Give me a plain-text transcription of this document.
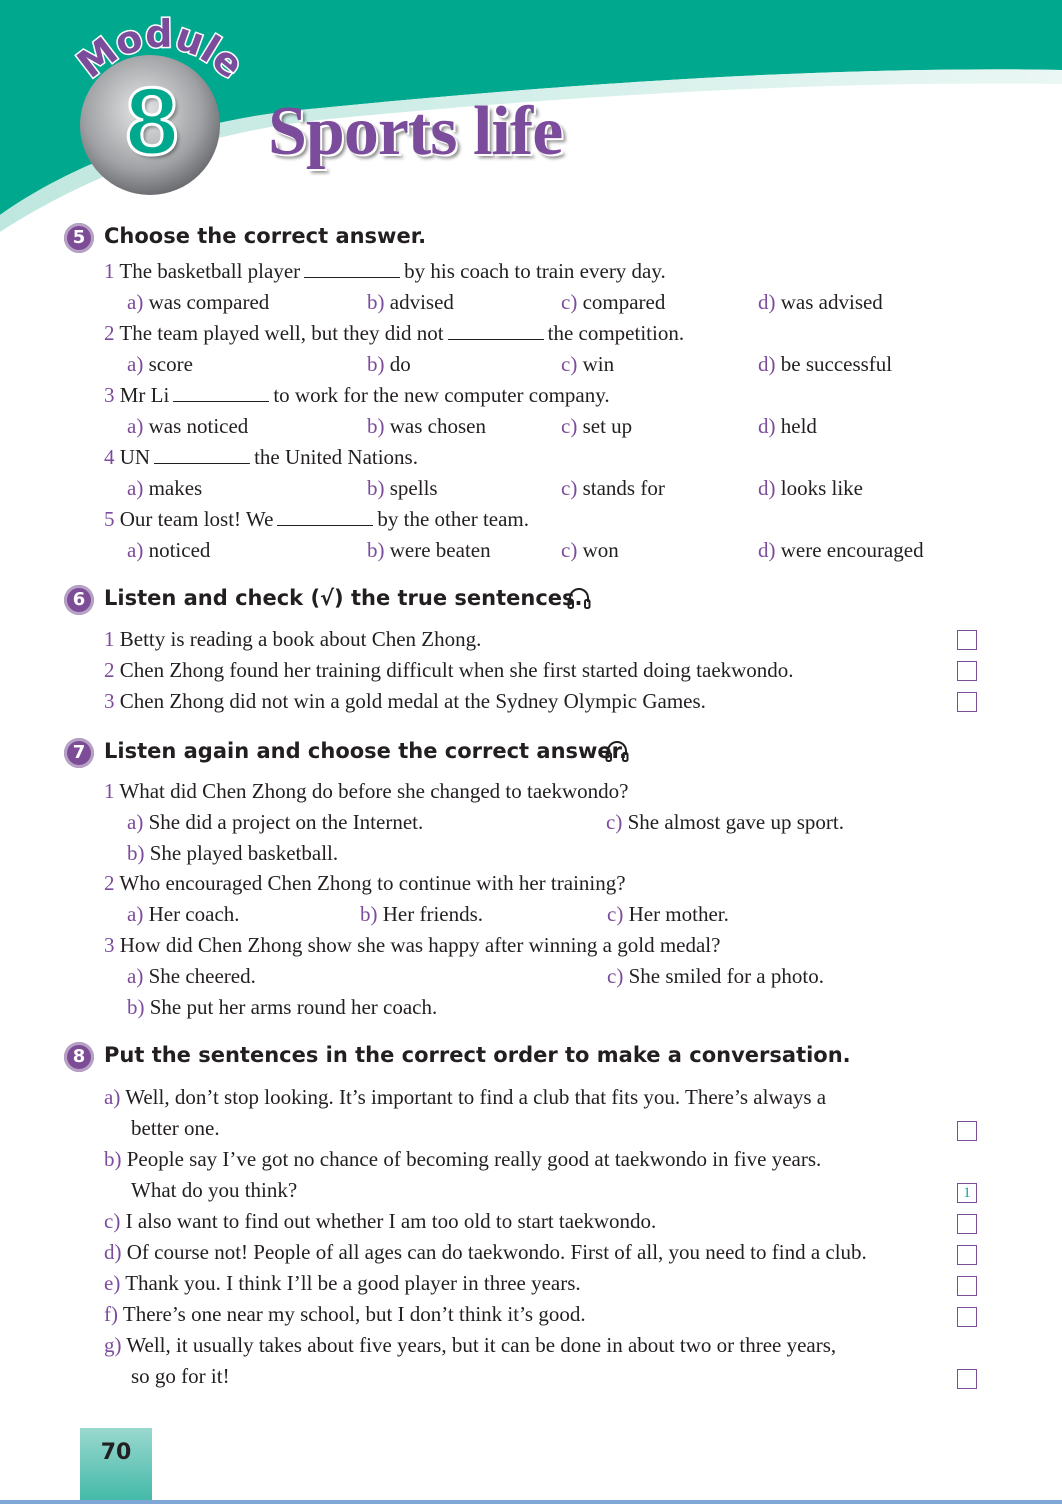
Module
8 Sports life
5 Choose the correct answer.
1 The basketball player	by his coach to train every day.
a) was compared	b) advised	c) compared	d) was advised
2 The team played well, but they did not	the competition.
a) score	b) do	c) win	d) be successful
3 Mr Li	to work for the new computer company.
a) was noticed	b) was chosen	c) set up	d) held
4 UN	the United Nations.
a) makes	b) spells	c) stands for	d) looks like
5 Our team lost! We	by the other team.
a) noticed	b) were beaten	c) won	d) were encouraged
6 Listen and check (√) the true sentences.
1 Betty is reading a book about Chen Zhong.
2 Chen Zhong found her training difficult when she first started doing taekwondo.
3 Chen Zhong did not win a gold medal at the Sydney Olympic Games.
7 Listen again and choose the correct answer.
1 What did Chen Zhong do before she changed to taekwondo?
a) She did a project on the Internet.
b) She played basketball.
c) She almost gave up sport.
2 Who encouraged Chen Zhong to continue with her training?
a) Her coach.	b) Her friends.	c) Her mother.
3 How did Chen Zhong show she was happy after winning a gold medal?
a) She cheered.
b) She put her arms round her coach.
c) She smiled for a photo.
8 Put the sentences in the correct order to make a conversation.
a) Well, don’t stop looking. It’s important to find a club that fits you. There’s always a
better one.
b) People say I’ve got no chance of becoming really good at taekwondo in five years.
What do you think?	1
c) I also want to find out whether I am too old to start taekwondo.
d) Of course not! People of all ages can do taekwondo. First of all, you need to find a club.
e) Thank you. I think I’ll be a good player in three years.
f) There’s one near my school, but I don’t think it’s good.
g) Well, it usually takes about five years, but it can be done in about two or three years,
so go for it!
70
